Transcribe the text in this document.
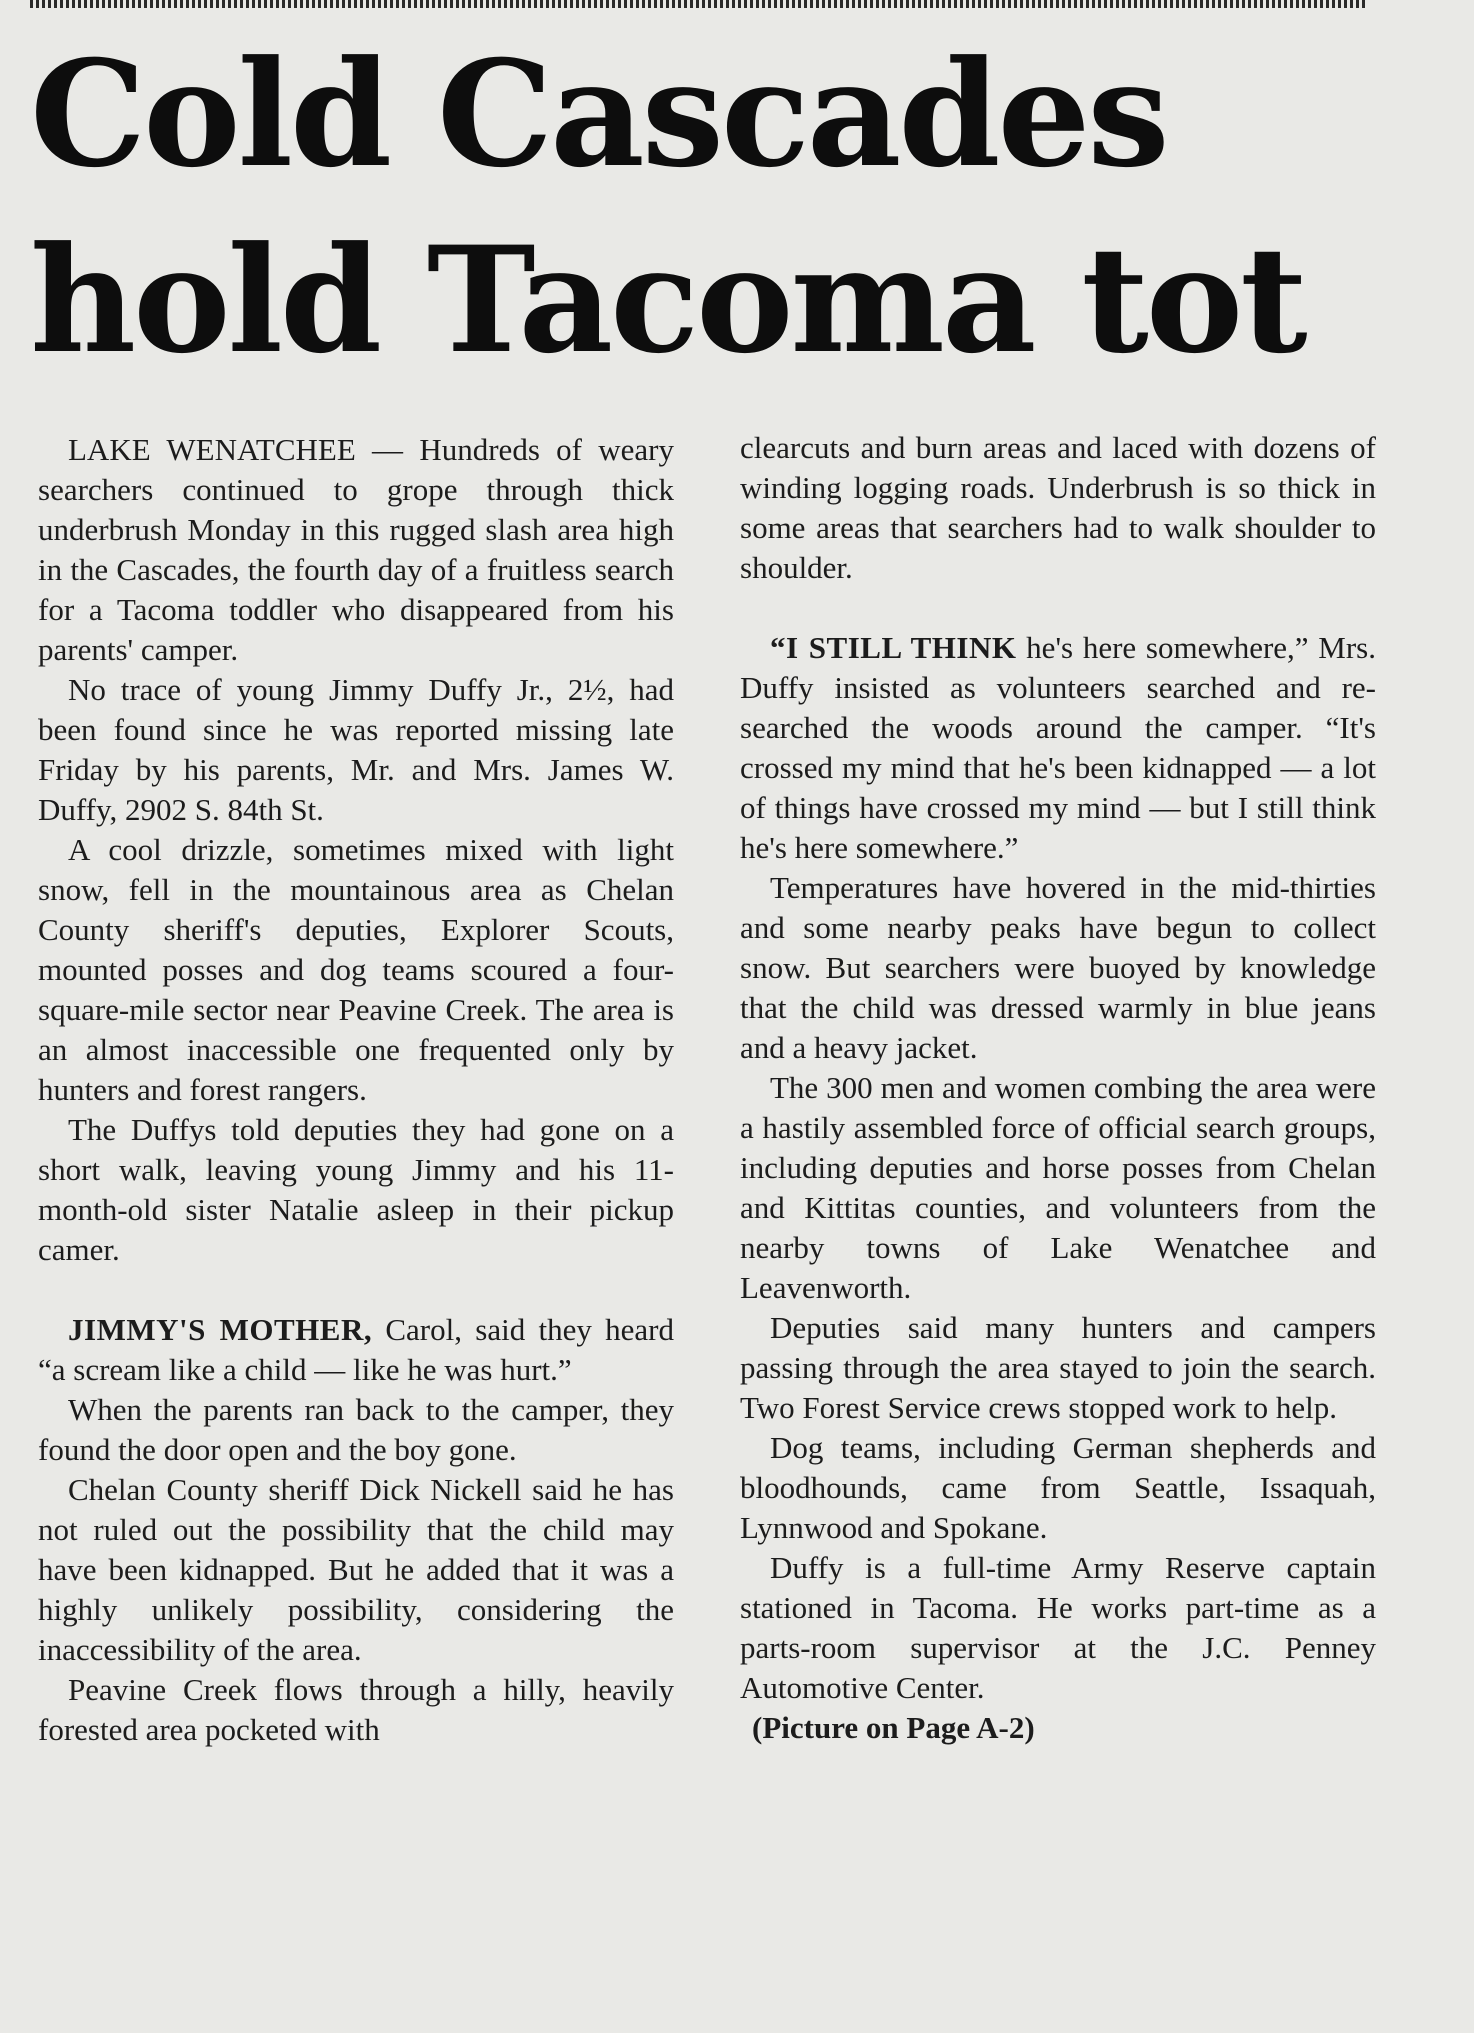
Cold Cascades
hold Tacoma tot

LAKE WENATCHEE — Hundreds of weary searchers continued to grope through thick underbrush Monday in this rugged slash area high in the Cascades, the fourth day of a fruitless search for a Tacoma toddler who disappeared from his parents' camper.

No trace of young Jimmy Duffy Jr., 2½, had been found since he was reported missing late Friday by his parents, Mr. and Mrs. James W. Duffy, 2902 S. 84th St.

A cool drizzle, sometimes mixed with light snow, fell in the mountainous area as Chelan County sheriff's deputies, Explorer Scouts, mounted posses and dog teams scoured a four-square-mile sector near Peavine Creek. The area is an almost inaccessible one frequented only by hunters and forest rangers.

The Duffys told deputies they had gone on a short walk, leaving young Jimmy and his 11-month-old sister Natalie asleep in their pickup camer.

JIMMY'S MOTHER, Carol, said they heard “a scream like a child — like he was hurt.”

When the parents ran back to the camper, they found the door open and the boy gone.

Chelan County sheriff Dick Nickell said he has not ruled out the possibility that the child may have been kidnapped. But he added that it was a highly unlikely possibility, considering the inaccessibility of the area.

Peavine Creek flows through a hilly, heavily forested area pocketed with

clearcuts and burn areas and laced with dozens of winding logging roads. Underbrush is so thick in some areas that searchers had to walk shoulder to shoulder.

“I STILL THINK he's here somewhere,” Mrs. Duffy insisted as volunteers searched and re-searched the woods around the camper. “It's crossed my mind that he's been kidnapped — a lot of things have crossed my mind — but I still think he's here somewhere.”

Temperatures have hovered in the mid-thirties and some nearby peaks have begun to collect snow. But searchers were buoyed by knowledge that the child was dressed warmly in blue jeans and a heavy jacket.

The 300 men and women combing the area were a hastily assembled force of official search groups, including deputies and horse posses from Chelan and Kittitas counties, and volunteers from the nearby towns of Lake Wenatchee and Leavenworth.

Deputies said many hunters and campers passing through the area stayed to join the search. Two Forest Service crews stopped work to help.

Dog teams, including German shepherds and bloodhounds, came from Seattle, Issaquah, Lynnwood and Spokane.

Duffy is a full-time Army Reserve captain stationed in Tacoma. He works part-time as a parts-room supervisor at the J.C. Penney Automotive Center.

(Picture on Page A-2)
